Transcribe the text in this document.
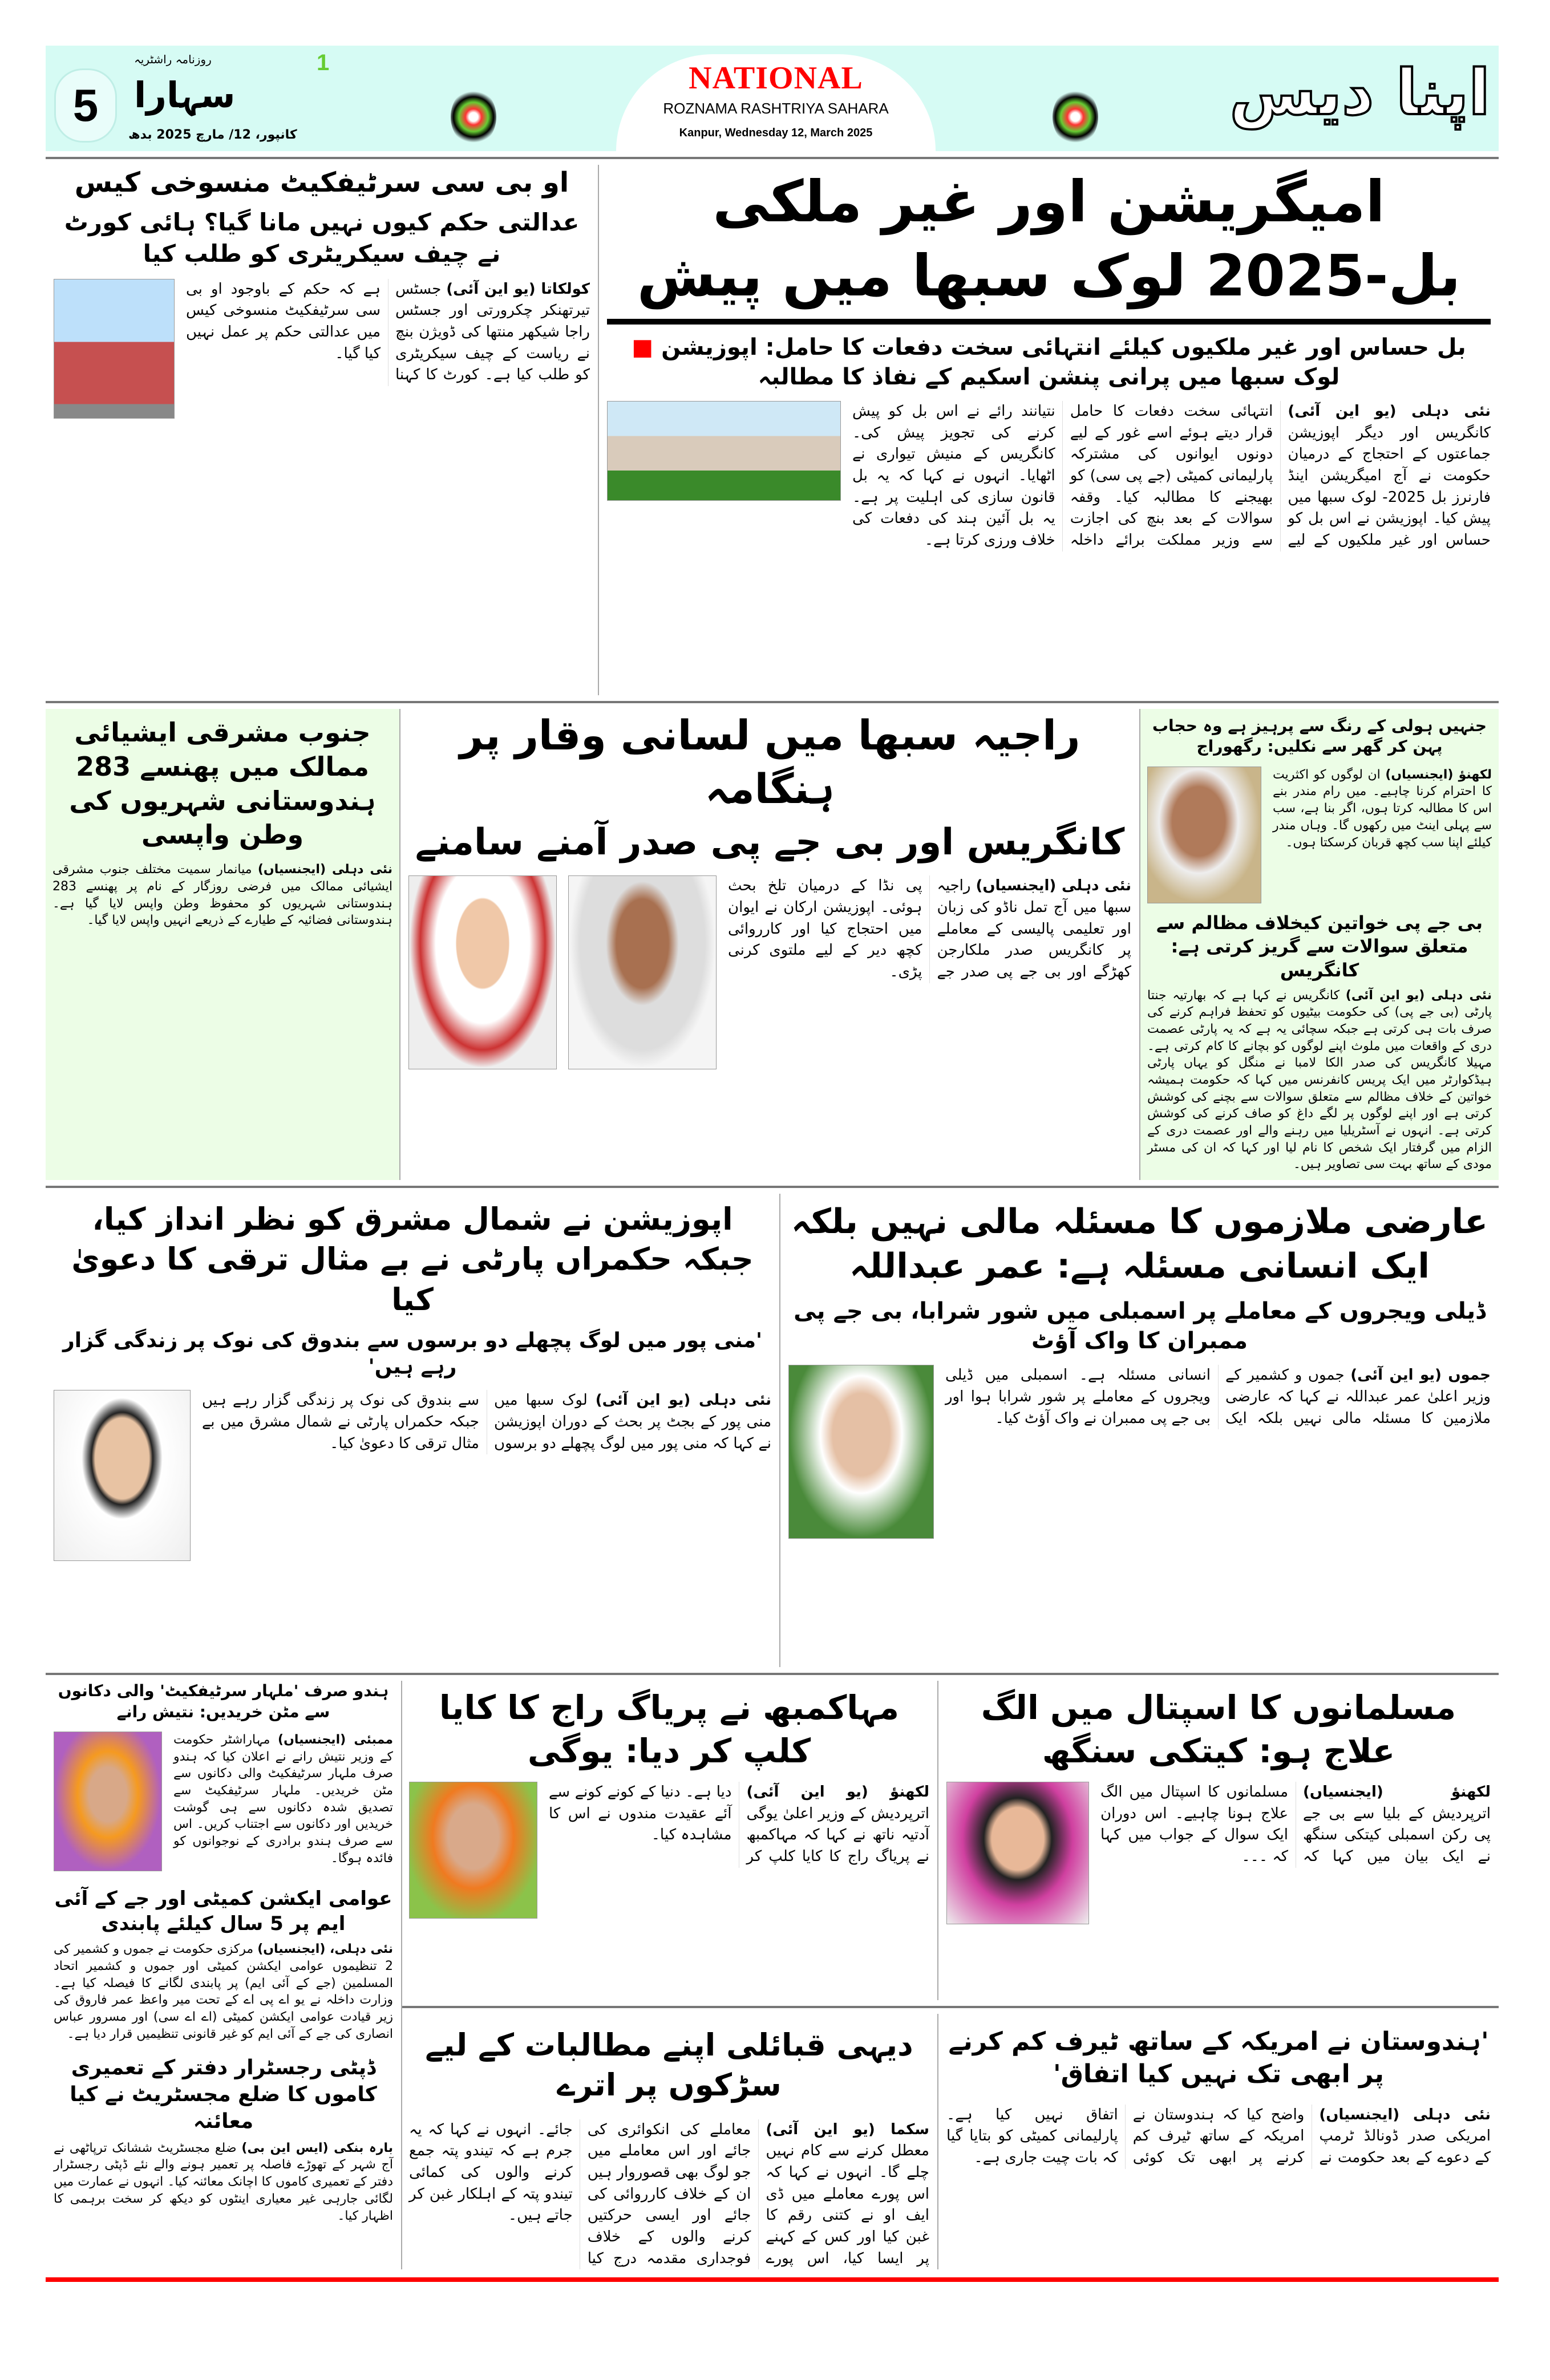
5
1
روزنامہ راشٹریہ
سہارا
کانپور، 12/ مارچ 2025 بدھ
NATIONAL
ROZNAMA RASHTRIYA SAHARA
Kanpur, Wednesday 12, March 2025
اپنا دیس
امیگریشن اور غیر ملکی بل-2025 لوک سبھا میں پیش
بل حساس اور غیر ملکیوں کیلئے انتہائی سخت دفعات کا حامل: اپوزیشن ■ لوک سبھا میں پرانی پنشن اسکیم کے نفاذ کا مطالبہ
نئی دہلی (یو این آئی) کانگریس اور دیگر اپوزیشن جماعتوں کے احتجاج کے درمیان حکومت نے آج امیگریشن اینڈ فارنرز بل 2025- لوک سبھا میں پیش کیا۔ اپوزیشن نے اس بل کو حساس اور غیر ملکیوں کے لیے انتہائی سخت دفعات کا حامل قرار دیتے ہوئے اسے غور کے لیے دونوں ایوانوں کی مشترکہ پارلیمانی کمیٹی (جے پی سی) کو بھیجنے کا مطالبہ کیا۔ وقفہ سوالات کے بعد بنچ کی اجازت سے وزیر مملکت برائے داخلہ نتیانند رائے نے اس بل کو پیش کرنے کی تجویز پیش کی۔ کانگریس کے منیش تیواری نے اٹھایا۔ انہوں نے کہا کہ یہ بل قانون سازی کی اہلیت پر ہے۔ یہ بل آئین ہند کی دفعات کی خلاف ورزی کرتا ہے۔
او بی سی سرٹیفکیٹ منسوخی کیس
عدالتی حکم کیوں نہیں مانا گیا؟ ہائی کورٹ نے چیف سیکریٹری کو طلب کیا
کولکاتا (یو این آئی) جسٹس تیرتھنکر چکرورتی اور جسٹس راجا شیکھر منتھا کی ڈویژن بنچ نے ریاست کے چیف سیکریٹری کو طلب کیا ہے۔ کورٹ کا کہنا ہے کہ حکم کے باوجود او بی سی سرٹیفکیٹ منسوخی کیس میں عدالتی حکم پر عمل نہیں کیا گیا۔
جنہیں ہولی کے رنگ سے پرہیز ہے وہ حجاب پہن کر گھر سے نکلیں: رگھوراج
لکھنؤ (ایجنسیاں) ان لوگوں کو اکثریت کا احترام کرنا چاہیے۔ میں رام مندر بنے اس کا مطالبہ کرتا ہوں، اگر بنا ہے، سب سے پہلی اینٹ میں رکھوں گا۔ وہاں مندر کیلئے اپنا سب کچھ قربان کرسکتا ہوں۔
بی جے پی خواتین کیخلاف مظالم سے متعلق سوالات سے گریز کرتی ہے: کانگریس
نئی دہلی (یو این آئی) کانگریس نے کہا ہے کہ بھارتیہ جنتا پارٹی (بی جے پی) کی حکومت بیٹیوں کو تحفظ فراہم کرنے کی صرف بات ہی کرتی ہے جبکہ سچائی یہ ہے کہ یہ پارٹی عصمت دری کے واقعات میں ملوث اپنے لوگوں کو بچانے کا کام کرتی ہے۔ مہیلا کانگریس کی صدر الکا لامبا نے منگل کو یہاں پارٹی ہیڈکوارٹر میں ایک پریس کانفرنس میں کہا کہ حکومت ہمیشہ خواتین کے خلاف مظالم سے متعلق سوالات سے بچنے کی کوشش کرتی ہے اور اپنے لوگوں پر لگے داغ کو صاف کرنے کی کوشش کرتی ہے۔ انہوں نے آسٹریلیا میں رہنے والے اور عصمت دری کے الزام میں گرفتار ایک شخص کا نام لیا اور کہا کہ ان کی مسٹر مودی کے ساتھ بہت سی تصاویر ہیں۔
راجیہ سبھا میں لسانی وقار پر ہنگامہ
کانگریس اور بی جے پی صدر آمنے سامنے
نئی دہلی (ایجنسیاں) راجیہ سبھا میں آج تمل ناڈو کی زبان اور تعلیمی پالیسی کے معاملے پر کانگریس صدر ملکارجن کھڑگے اور بی جے پی صدر جے پی نڈا کے درمیان تلخ بحث ہوئی۔ اپوزیشن ارکان نے ایوان میں احتجاج کیا اور کارروائی کچھ دیر کے لیے ملتوی کرنی پڑی۔
جنوب مشرقی ایشیائی ممالک میں پھنسے 283 ہندوستانی شہریوں کی وطن واپسی
نئی دہلی (ایجنسیاں) میانمار سمیت مختلف جنوب مشرقی ایشیائی ممالک میں فرضی روزگار کے نام پر پھنسے 283 ہندوستانی شہریوں کو محفوظ وطن واپس لایا گیا ہے۔ ہندوستانی فضائیہ کے طیارے کے ذریعے انہیں واپس لایا گیا۔
عارضی ملازموں کا مسئلہ مالی نہیں بلکہ ایک انسانی مسئلہ ہے: عمر عبداللہ
ڈیلی ویجروں کے معاملے پر اسمبلی میں شور شرابا، بی جے پی ممبران کا واک آؤٹ
جموں (یو این آئی) جموں و کشمیر کے وزیر اعلیٰ عمر عبداللہ نے کہا کہ عارضی ملازمین کا مسئلہ مالی نہیں بلکہ ایک انسانی مسئلہ ہے۔ اسمبلی میں ڈیلی ویجروں کے معاملے پر شور شرابا ہوا اور بی جے پی ممبران نے واک آؤٹ کیا۔
اپوزیشن نے شمال مشرق کو نظر انداز کیا، جبکہ حکمراں پارٹی نے بے مثال ترقی کا دعویٰ کیا
'منی پور میں لوگ پچھلے دو برسوں سے بندوق کی نوک پر زندگی گزار رہے ہیں'
نئی دہلی (یو این آئی) لوک سبھا میں منی پور کے بجٹ پر بحث کے دوران اپوزیشن نے کہا کہ منی پور میں لوگ پچھلے دو برسوں سے بندوق کی نوک پر زندگی گزار رہے ہیں جبکہ حکمراں پارٹی نے شمال مشرق میں بے مثال ترقی کا دعویٰ کیا۔
مسلمانوں کا اسپتال میں الگ علاج ہو: کیتکی سنگھ
لکھنؤ (ایجنسیاں) اترپردیش کے بلیا سے بی جے پی رکن اسمبلی کیتکی سنگھ نے ایک بیان میں کہا کہ مسلمانوں کا اسپتال میں الگ علاج ہونا چاہیے۔ اس دوران ایک سوال کے جواب میں کہا کہ ۔۔۔
مہاکمبھ نے پریاگ راج کا کایا کلپ کر دیا: یوگی
لکھنؤ (یو این آئی) اترپردیش کے وزیر اعلیٰ یوگی آدتیہ ناتھ نے کہا کہ مہاکمبھ نے پریاگ راج کا کایا کلپ کر دیا ہے۔ دنیا کے کونے کونے سے آئے عقیدت مندوں نے اس کا مشاہدہ کیا۔
'ہندوستان نے امریکہ کے ساتھ ٹیرف کم کرنے پر ابھی تک نہیں کیا اتفاق'
نئی دہلی (ایجنسیاں) امریکی صدر ڈونالڈ ٹرمپ کے دعوے کے بعد حکومت نے واضح کیا کہ ہندوستان نے امریکہ کے ساتھ ٹیرف کم کرنے پر ابھی تک کوئی اتفاق نہیں کیا ہے۔ پارلیمانی کمیٹی کو بتایا گیا کہ بات چیت جاری ہے۔
دیہی قبائلی اپنے مطالبات کے لیے سڑکوں پر اترے
سکما (یو این آئی) معطل کرنے سے کام نہیں چلے گا۔ انہوں نے کہا کہ اس پورے معاملے میں ڈی ایف او نے کتنی رقم کا غبن کیا اور کس کے کہنے پر ایسا کیا، اس پورے معاملے کی انکوائری کی جائے اور اس معاملے میں جو لوگ بھی قصوروار ہیں ان کے خلاف کارروائی کی جائے اور ایسی حرکتیں کرنے والوں کے خلاف فوجداری مقدمہ درج کیا جائے۔ انہوں نے کہا کہ یہ جرم ہے کہ تیندو پتہ جمع کرنے والوں کی کمائی تیندو پتہ کے اہلکار غبن کر جاتے ہیں۔
ہندو صرف 'ملہار سرٹیفکیٹ' والی دکانوں سے مٹن خریدیں: نتیش رانے
ممبئی (ایجنسیاں) مہاراشٹر حکومت کے وزیر نتیش رانے نے اعلان کیا کہ ہندو صرف ملہار سرٹیفکیٹ والی دکانوں سے مٹن خریدیں۔ ملہار سرٹیفکیٹ سے تصدیق شدہ دکانوں سے ہی گوشت خریدیں اور دکانوں سے اجتناب کریں۔ اس سے صرف ہندو برادری کے نوجوانوں کو فائدہ ہوگا۔
عوامی ایکشن کمیٹی اور جے کے آئی ایم پر 5 سال کیلئے پابندی
نئی دہلی، (ایجنسیاں) مرکزی حکومت نے جموں و کشمیر کی 2 تنظیموں عوامی ایکشن کمیٹی اور جموں و کشمیر اتحاد المسلمین (جے کے آئی ایم) پر پابندی لگانے کا فیصلہ کیا ہے۔ وزارت داخلہ نے یو اے پی اے کے تحت میر واعظ عمر فاروق کی زیر قیادت عوامی ایکشن کمیٹی (اے اے سی) اور مسرور عباس انصاری کی جے کے آئی ایم کو غیر قانونی تنظیمیں قرار دیا ہے۔
ڈپٹی رجسٹرار دفتر کے تعمیری کاموں کا ضلع مجسٹریٹ نے کیا معائنہ
بارہ بنکی (ایس این بی) ضلع مجسٹریٹ ششانک ترپاٹھی نے آج شہر کے تھوڑے فاصلہ پر تعمیر ہونے والے نئے ڈپٹی رجسٹرار دفتر کے تعمیری کاموں کا اچانک معائنہ کیا۔ انہوں نے عمارت میں لگائی جارہی غیر معیاری اینٹوں کو دیکھ کر سخت برہمی کا اظہار کیا۔
